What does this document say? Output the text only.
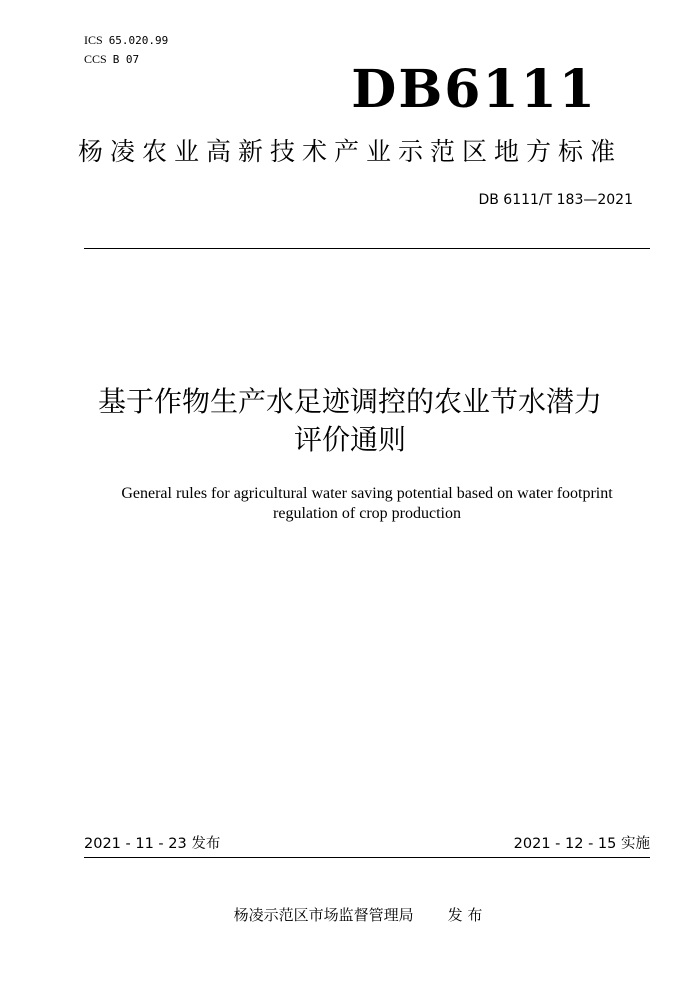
ICS 65.020.99
CCS B 07	DB6111
杨凌农业高新技术产业示范区地方标准
DB 6111/T 183—2021
基于作物生产水足迹调控的农业节水潜力
评价通则
General rules for agricultural water saving potential based on water footprint
regulation of crop production
2021 - 11 - 23 发布	2021 - 12 - 15 实施
杨凌示范区市场监督管理局 发 布
